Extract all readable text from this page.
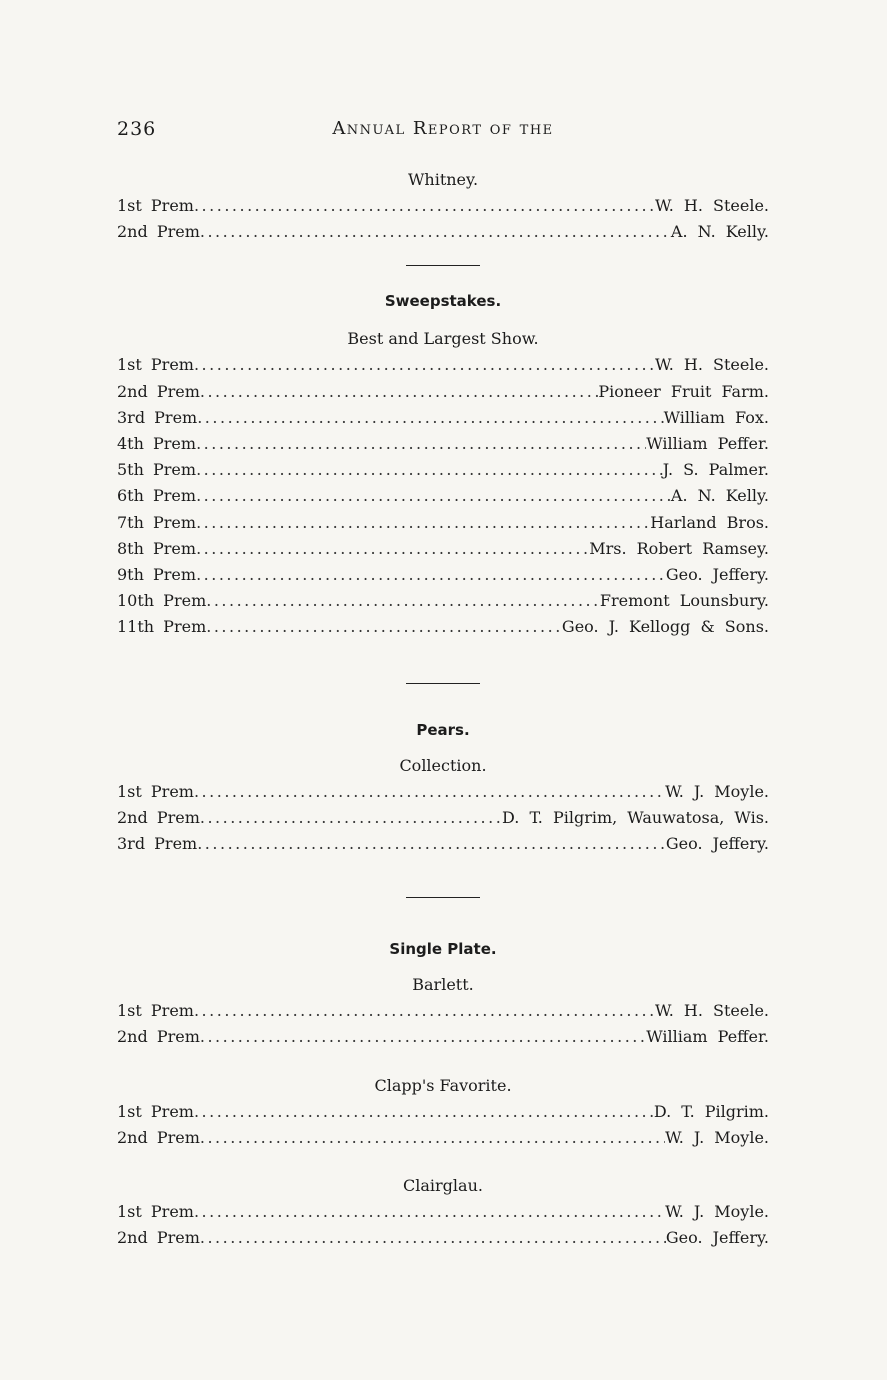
236	Annual Report of the
Whitney.
1st Prem .....	W. H. Steele.
2nd Prem .....	A. N. Kelly.
Sweepstakes.
Best and Largest Show.
1st Prem .....	W. H. Steele.
2nd Prem .....	Pioneer Fruit Farm.
3rd Prem .....	William Fox.
4th Prem .....	William Peffer.
5th Prem .....	J. S. Palmer.
6th Prem .....	A. N. Kelly.
7th Prem .....	Harland Bros.
8th Prem .....	Mrs. Robert Ramsey.
9th Prem .....	Geo. Jeffery.
10th Prem .....	Fremont Lounsbury.
11th Prem .....	Geo. J. Kellogg & Sons.
Pears.
Collection.
1st Prem .....	W. J. Moyle.
2nd Prem .....	D. T. Pilgrim, Wauwatosa, Wis.
3rd Prem .....	Geo. Jeffery.
Single Plate.
Barlett.
1st Prem .....	W. H. Steele.
2nd Prem .....	William Peffer.
Clapp's Favorite.
1st Prem .....	D. T. Pilgrim.
2nd Prem .....	W. J. Moyle.
Clairglau.
1st Prem .....	W. J. Moyle.
2nd Prem .....	Geo. Jeffery.
